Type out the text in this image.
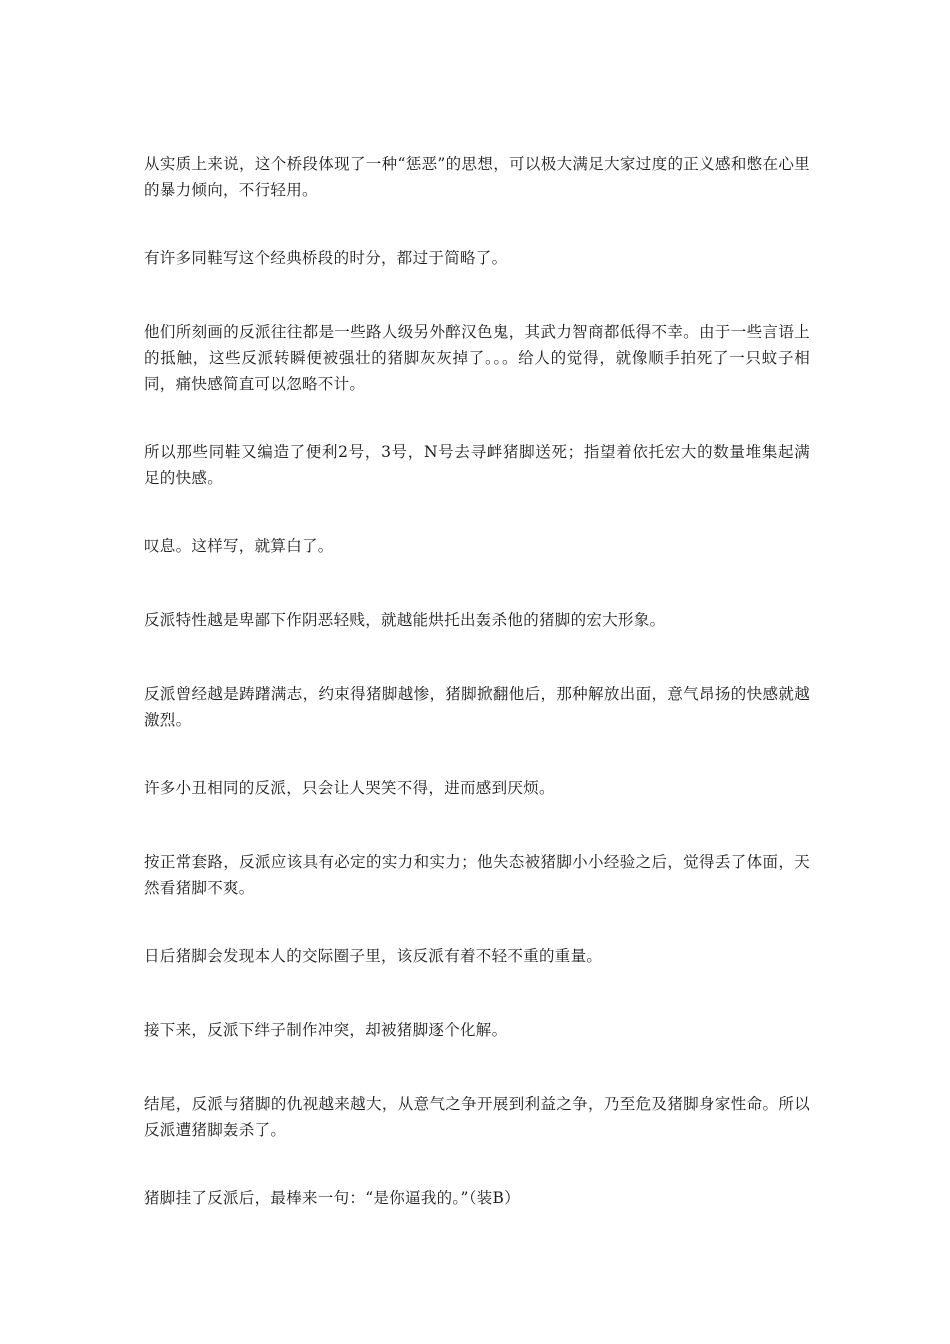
从实质上来说，这个桥段体现了一种“惩恶”的思想，可以极大满足大家过度的正义感和憋在心里的暴力倾向，不行轻用。

有许多同鞋写这个经典桥段的时分，都过于简略了。

他们所刻画的反派往往都是一些路人级另外醉汉色鬼，其武力智商都低得不幸。由于一些言语上的抵触，这些反派转瞬便被强壮的猪脚灰灰掉了。。。给人的觉得，就像顺手拍死了一只蚊子相同，痛快感简直可以忽略不计。

所以那些同鞋又编造了便利2号，3号，N号去寻衅猪脚送死；指望着依托宏大的数量堆集起满足的快感。

叹息。这样写，就算白了。

反派特性越是卑鄙下作阴恶轻贱，就越能烘托出轰杀他的猪脚的宏大形象。

反派曾经越是踌躇满志，约束得猪脚越惨，猪脚掀翻他后，那种解放出面，意气昂扬的快感就越激烈。

许多小丑相同的反派，只会让人哭笑不得，进而感到厌烦。

按正常套路，反派应该具有必定的实力和实力；他失态被猪脚小小经验之后，觉得丢了体面，天然看猪脚不爽。

日后猪脚会发现本人的交际圈子里，该反派有着不轻不重的重量。

接下来，反派下绊子制作冲突，却被猪脚逐个化解。

结尾，反派与猪脚的仇视越来越大，从意气之争开展到利益之争，乃至危及猪脚身家性命。所以反派遭猪脚轰杀了。

猪脚挂了反派后，最棒来一句：“是你逼我的。”（装B）
